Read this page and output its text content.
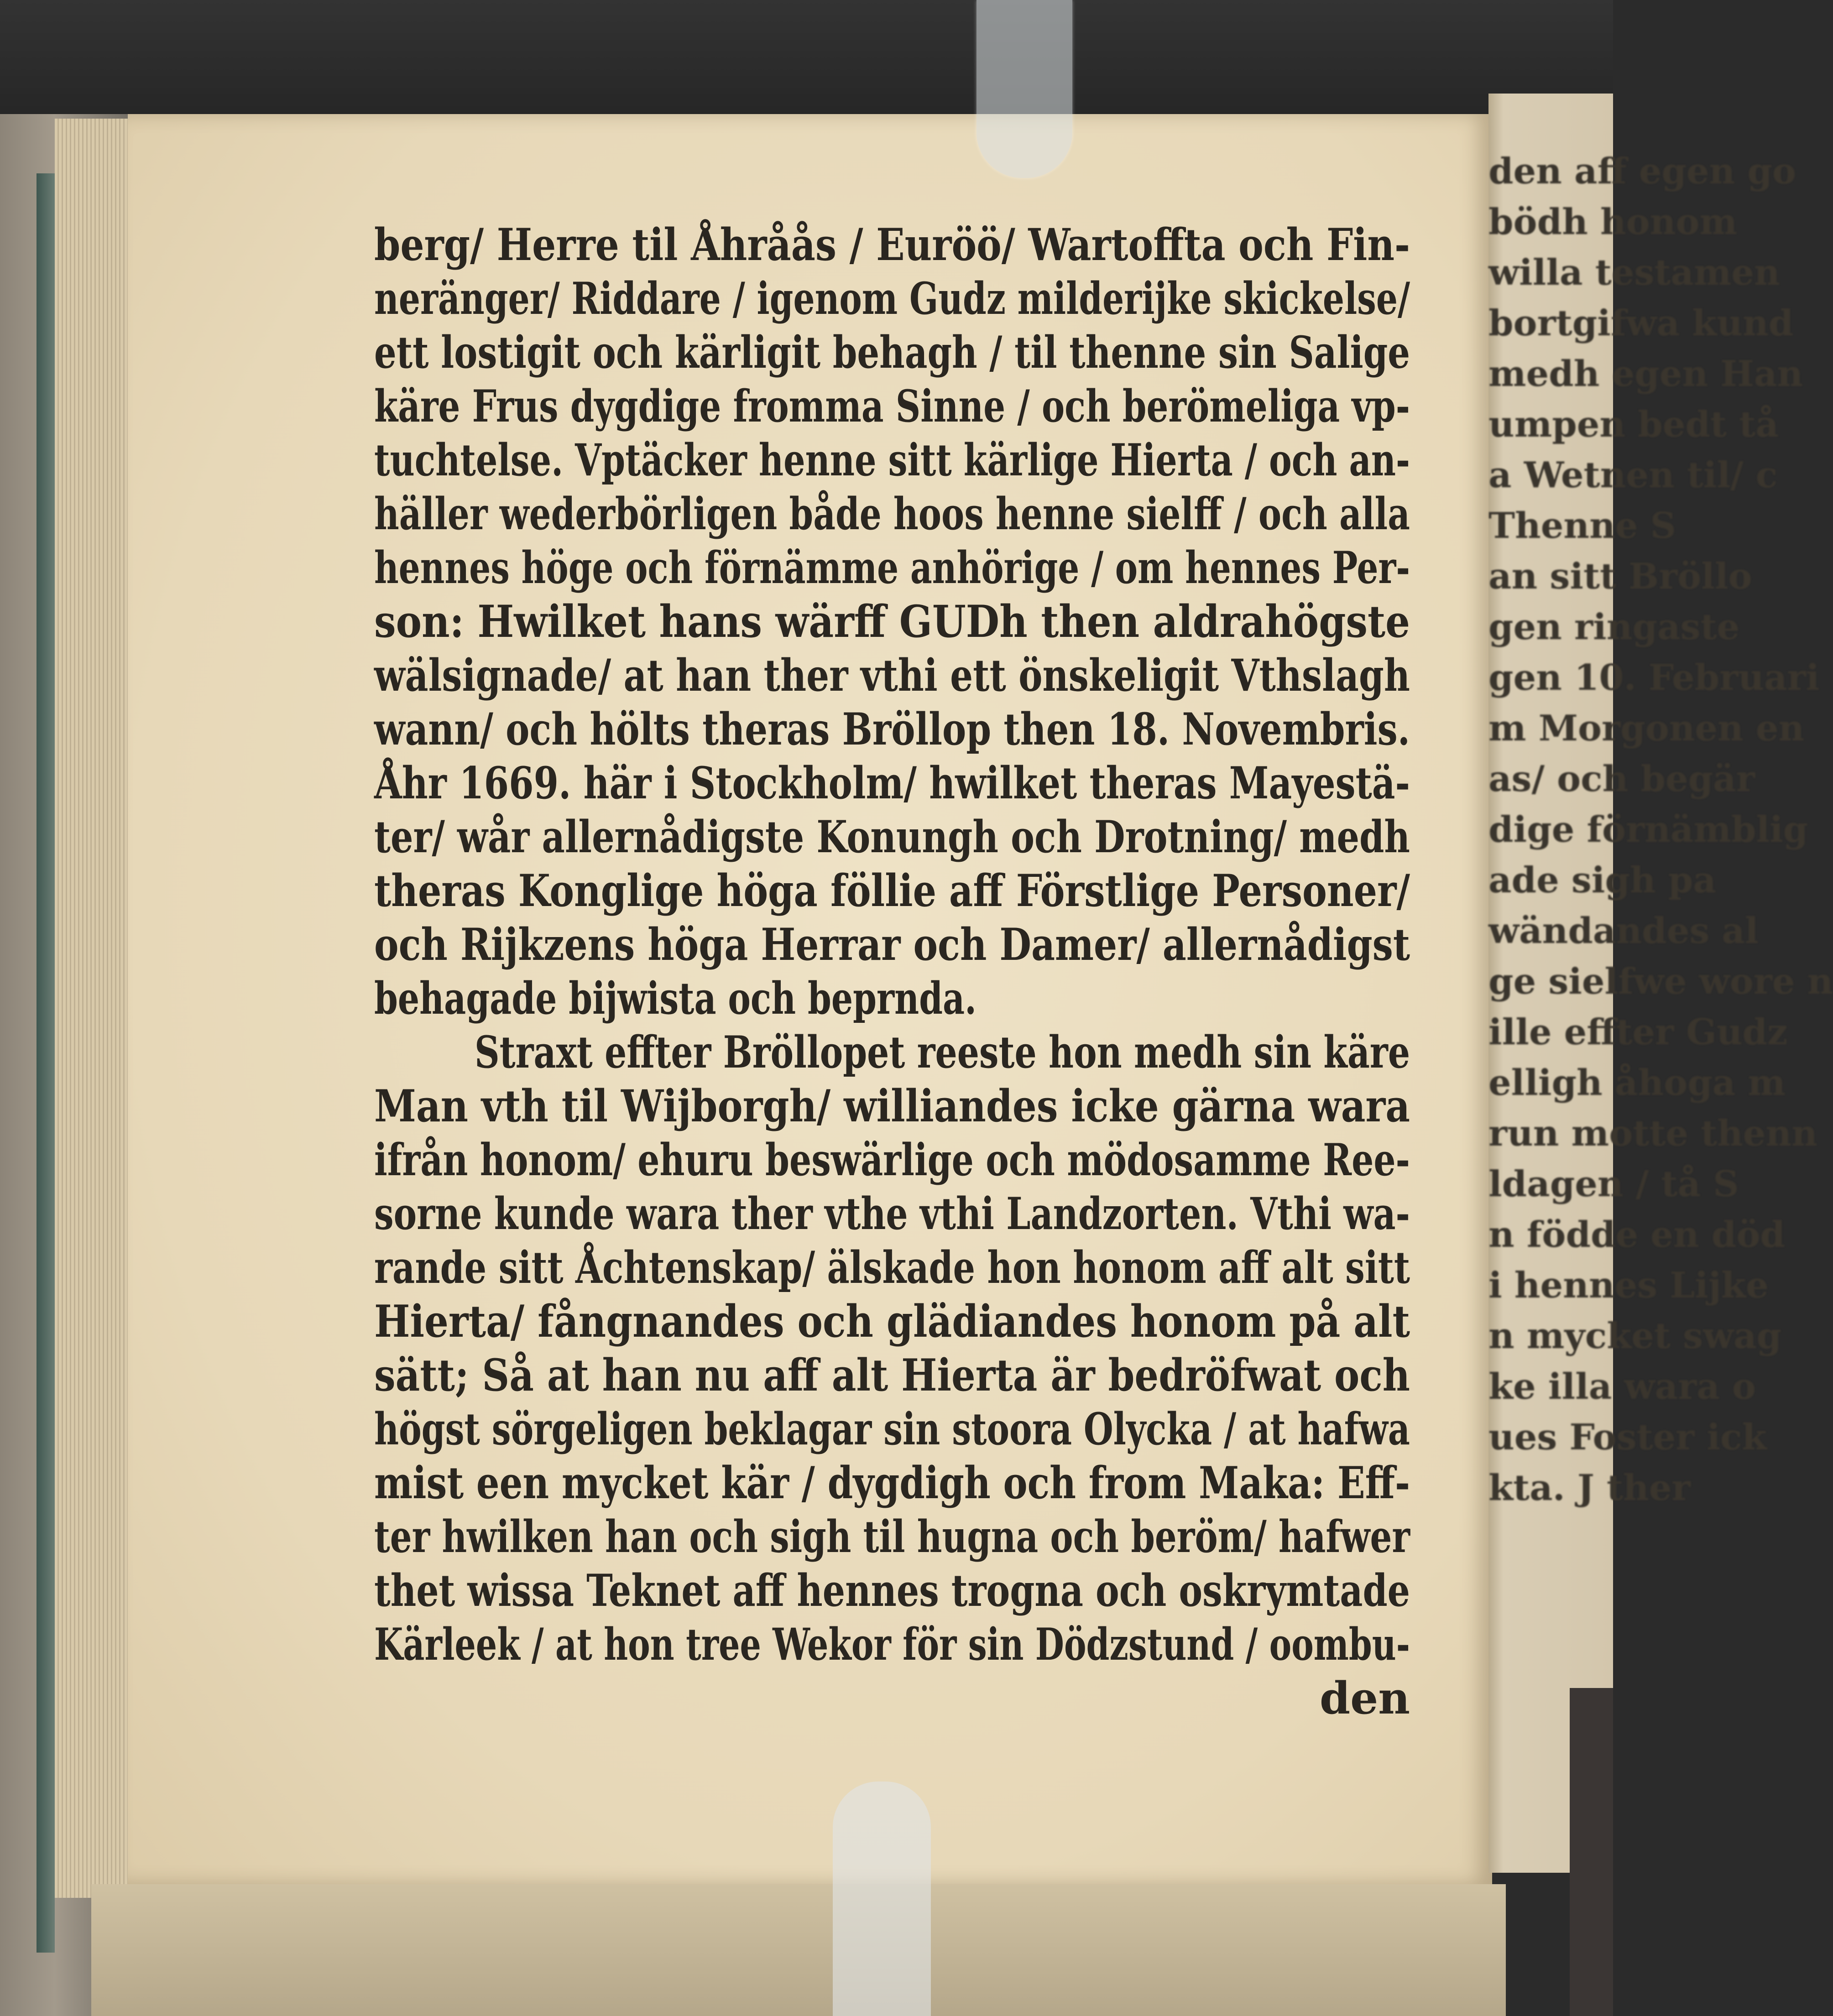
berg/ Herre til Åhråås / Euröö/ Wartoffta och Fin-
neränger/ Riddare / igenom Gudz milderijke skickelse/
ett lostigit och kärligit behagh / til thenne sin Salige
käre Frus dygdige fromma Sinne / och berömeliga vp-
tuchtelse. Vptäcker henne sitt kärlige Hierta / och an-
häller wederbörligen både hoos henne sielff / och alla
hennes höge och förnämme anhörige / om hennes Per-
son: Hwilket hans wärff GUDh then aldrahögste
wälsignade/ at han ther vthi ett önskeligit Vthslagh
wann/ och hölts theras Bröllop then 18. Novembris.
Åhr 1669. här i Stockholm/ hwilket theras Mayestä-
ter/ wår allernådigste Konungh och Drotning/ medh
theras Konglige höga föllie aff Förstlige Personer/
och Rijkzens höga Herrar och Damer/ allernådigst
behagade bijwista och beprnda.
Straxt effter Bröllopet reeste hon medh sin käre
Man vth til Wijborgh/ williandes icke gärna wara
ifrån honom/ ehuru beswärlige och mödosamme Ree-
sorne kunde wara ther vthe vthi Landzorten. Vthi wa-
rande sitt Åchtenskap/ älskade hon honom aff alt sitt
Hierta/ fångnandes och glädiandes honom på alt
sätt; Så at han nu aff alt Hierta är bedröfwat och
högst sörgeligen beklagar sin stoora Olycka / at hafwa
mist een mycket kär / dygdigh och from Maka: Eff-
ter hwilken han och sigh til hugna och beröm/ hafwer
thet wissa Teknet aff hennes trogna och oskrymtade
Kärleek / at hon tree Wekor för sin Dödzstund / oombu-
den
den aff egen go
bödh honom
willa testamen
bortgifwa kund
medh egen Han
umpen bedt tå
a Wetnen til/ c
Thenne S
an sitt Bröllo
gen ringaste
gen 10. Februari
m Morgonen en
as/ och begär
dige förnämblig
ade sigh pa
wändandes al
ge sielfwe wore n
ille effter Gudz
elligh åhoga m
run motte thenn
ldagen / tå S
n födde en död
i hennes Lijke
n mycket swag
ke illa wara o
ues Foster ick
kta. J ther
